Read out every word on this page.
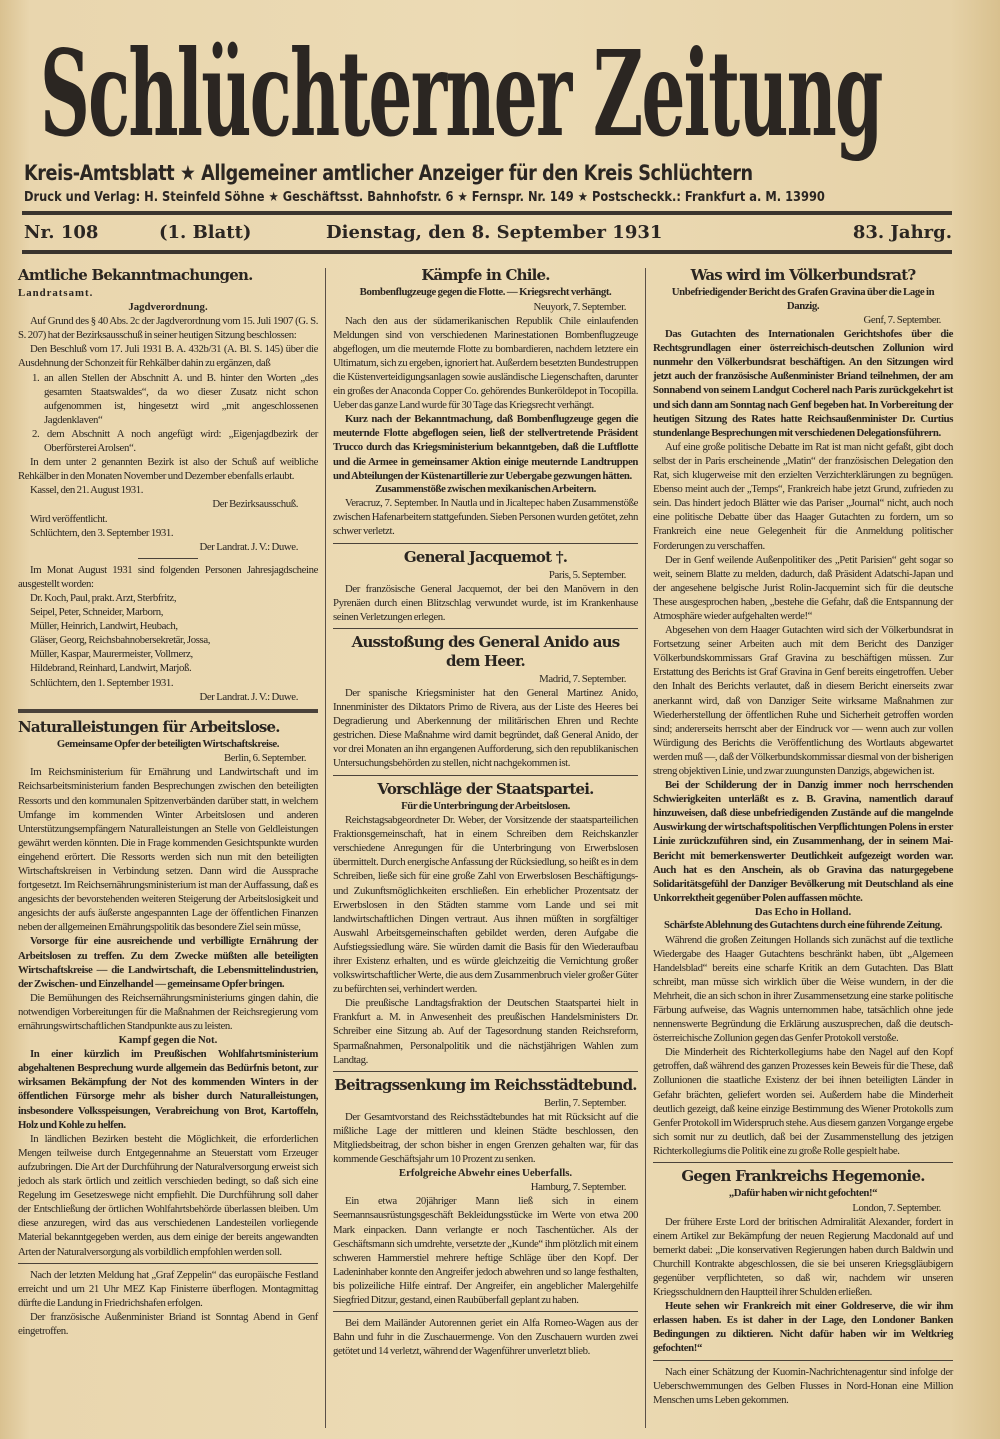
Schlüchterner Zeitung
Kreis-Amtsblatt ★ Allgemeiner amtlicher Anzeiger für den Kreis Schlüchtern
Druck und Verlag: H. Steinfeld Söhne ★ Geschäftsst. Bahnhofstr. 6 ★ Fernspr. Nr. 149 ★ Postscheckk.: Frankfurt a. M. 13990
Nr. 108	(1. Blatt)	Dienstag, den 8. September 1931	83. Jahrg.
Amtliche Bekanntmachungen.
Landratsamt.
Jagdverordnung.
Auf Grund des § 40 Abs. 2c der Jagdverordnung vom 15. Juli 1907 (G. S. S. 207) hat der Bezirksausschuß in seiner heutigen Sitzung beschlossen:
Den Beschluß vom 17. Juli 1931 B. A. 432b/31 (A. Bl. S. 145) über die Ausdehnung der Schonzeit für Rehkälber dahin zu ergänzen, daß
1. an allen Stellen der Abschnitt A. und B. hinter den Worten „des gesamten Staatswaldes“, da wo dieser Zusatz nicht schon aufgenommen ist, hingesetzt wird „mit angeschlossenen Jagdenklaven“
2. dem Abschnitt A noch angefügt wird: „Eigenjagdbezirk der Oberförsterei Arolsen“.
In dem unter 2 genannten Bezirk ist also der Schuß auf weibliche Rehkälber in den Monaten November und Dezember ebenfalls erlaubt.
Kassel, den 21. August 1931.
Der Bezirksausschuß.
Wird veröffentlicht.
Schlüchtern, den 3. September 1931.
Der Landrat. J. V.: Duwe.
Im Monat August 1931 sind folgenden Personen Jahresjagdscheine ausgestellt worden:
Dr. Koch, Paul, prakt. Arzt, Sterbfritz,
Seipel, Peter, Schneider, Marborn,
Müller, Heinrich, Landwirt, Heubach,
Gläser, Georg, Reichsbahnobersekretär, Jossa,
Müller, Kaspar, Maurermeister, Vollmerz,
Hildebrand, Reinhard, Landwirt, Marjoß.
Schlüchtern, den 1. September 1931.
Der Landrat. J. V.: Duwe.
Naturalleistungen für Arbeitslose.
Gemeinsame Opfer der beteiligten Wirtschaftskreise.
Berlin, 6. September.
Im Reichsministerium für Ernährung und Landwirtschaft und im Reichsarbeitsministerium fanden Besprechungen zwischen den beteiligten Ressorts und den kommunalen Spitzenverbänden darüber statt, in welchem Umfange im kommenden Winter Arbeitslosen und anderen Unterstützungsempfängern Naturalleistungen an Stelle von Geldleistungen gewährt werden könnten. Die in Frage kommenden Gesichtspunkte wurden eingehend erörtert. Die Ressorts werden sich nun mit den beteiligten Wirtschaftskreisen in Verbindung setzen. Dann wird die Aussprache fortgesetzt. Im Reichsernährungsministerium ist man der Auffassung, daß es angesichts der bevorstehenden weiteren Steigerung der Arbeitslosigkeit und angesichts der aufs äußerste angespannten Lage der öffentlichen Finanzen neben der allgemeinen Ernährungspolitik das besondere Ziel sein müsse,
Vorsorge für eine ausreichende und verbilligte Ernährung der Arbeitslosen zu treffen. Zu dem Zwecke müßten alle beteiligten Wirtschaftskreise — die Landwirtschaft, die Lebensmittelindustrien, der Zwischen- und Einzelhandel — gemeinsame Opfer bringen.
Die Bemühungen des Reichsernährungsministeriums gingen dahin, die notwendigen Vorbereitungen für die Maßnahmen der Reichsregierung vom ernährungswirtschaftlichen Standpunkte aus zu leisten.
Kampf gegen die Not.
In einer kürzlich im Preußischen Wohlfahrtsministerium abgehaltenen Besprechung wurde allgemein das Bedürfnis betont, zur wirksamen Bekämpfung der Not des kommenden Winters in der öffentlichen Fürsorge mehr als bisher durch Naturalleistungen, insbesondere Volksspeisungen, Verabreichung von Brot, Kartoffeln, Holz und Kohle zu helfen.
In ländlichen Bezirken besteht die Möglichkeit, die erforderlichen Mengen teilweise durch Entgegennahme an Steuerstatt vom Erzeuger aufzubringen. Die Art der Durchführung der Naturalversorgung erweist sich jedoch als stark örtlich und zeitlich verschieden bedingt, so daß sich eine Regelung im Gesetzeswege nicht empfiehlt. Die Durchführung soll daher der Entschließung der örtlichen Wohlfahrtsbehörde überlassen bleiben. Um diese anzuregen, wird das aus verschiedenen Landesteilen vorliegende Material bekanntgegeben werden, aus dem einige der bereits angewandten Arten der Naturalversorgung als vorbildlich empfohlen werden soll.
Nach der letzten Meldung hat „Graf Zeppelin“ das europäische Festland erreicht und um 21 Uhr MEZ Kap Finisterre überflogen. Montagmittag dürfte die Landung in Friedrichshafen erfolgen.
Der französische Außenminister Briand ist Sonntag Abend in Genf eingetroffen.
Kämpfe in Chile.
Bombenflugzeuge gegen die Flotte. — Kriegsrecht verhängt.
Neuyork, 7. September.
Nach den aus der südamerikanischen Republik Chile einlaufenden Meldungen sind von verschiedenen Marinestationen Bombenflugzeuge abgeflogen, um die meuternde Flotte zu bombardieren, nachdem letztere ein Ultimatum, sich zu ergeben, ignoriert hat. Außerdem besetzten Bundestruppen die Küstenverteidigungsanlagen sowie ausländische Liegenschaften, darunter ein großes der Anaconda Copper Co. gehörendes Bunkeröldepot in Tocopilla. Ueber das ganze Land wurde für 30 Tage das Kriegsrecht verhängt.
Kurz nach der Bekanntmachung, daß Bombenflugzeuge gegen die meuternde Flotte abgeflogen seien, ließ der stellvertretende Präsident Trucco durch das Kriegsministerium bekanntgeben, daß die Luftflotte und die Armee in gemeinsamer Aktion einige meuternde Landtruppen und Abteilungen der Küstenartillerie zur Uebergabe gezwungen hätten.
Zusammenstöße zwischen mexikanischen Arbeitern.
Veracruz, 7. September. In Nautla und in Jicaltepec haben Zusammenstöße zwischen Hafenarbeitern stattgefunden. Sieben Personen wurden getötet, zehn schwer verletzt.
General Jacquemot †.
Paris, 5. September.
Der französische General Jacquemot, der bei den Manövern in den Pyrenäen durch einen Blitzschlag verwundet wurde, ist im Krankenhause seinen Verletzungen erlegen.
Ausstoßung des General Anido aus dem Heer.
Madrid, 7. September.
Der spanische Kriegsminister hat den General Martinez Anido, Innenminister des Diktators Primo de Rivera, aus der Liste des Heeres bei Degradierung und Aberkennung der militärischen Ehren und Rechte gestrichen. Diese Maßnahme wird damit begründet, daß General Anido, der vor drei Monaten an ihn ergangenen Aufforderung, sich den republikanischen Untersuchungsbehörden zu stellen, nicht nachgekommen ist.
Vorschläge der Staatspartei.
Für die Unterbringung der Arbeitslosen.
Reichstagsabgeordneter Dr. Weber, der Vorsitzende der staatsparteilichen Fraktionsgemeinschaft, hat in einem Schreiben dem Reichskanzler verschiedene Anregungen für die Unterbringung von Erwerbslosen übermittelt. Durch energische Anfassung der Rücksiedlung, so heißt es in dem Schreiben, ließe sich für eine große Zahl von Erwerbslosen Beschäftigungs- und Zukunftsmöglichkeiten erschließen. Ein erheblicher Prozentsatz der Erwerbslosen in den Städten stamme vom Lande und sei mit landwirtschaftlichen Dingen vertraut. Aus ihnen müßten in sorgfältiger Auswahl Arbeitsgemeinschaften gebildet werden, deren Aufgabe die Aufstiegssiedlung wäre. Sie würden damit die Basis für den Wiederaufbau ihrer Existenz erhalten, und es würde gleichzeitig die Vernichtung großer volkswirtschaftlicher Werte, die aus dem Zusammenbruch vieler großer Güter zu befürchten sei, verhindert werden.
Die preußische Landtagsfraktion der Deutschen Staatspartei hielt in Frankfurt a. M. in Anwesenheit des preußischen Handelsministers Dr. Schreiber eine Sitzung ab. Auf der Tagesordnung standen Reichsreform, Sparmaßnahmen, Personalpolitik und die nächstjährigen Wahlen zum Landtag.
Beitragssenkung im Reichsstädtebund.
Berlin, 7. September.
Der Gesamtvorstand des Reichsstädtebundes hat mit Rücksicht auf die mißliche Lage der mittleren und kleinen Städte beschlossen, den Mitgliedsbeitrag, der schon bisher in engen Grenzen gehalten war, für das kommende Geschäftsjahr um 10 Prozent zu senken.
Erfolgreiche Abwehr eines Ueberfalls.
Hamburg, 7. September.
Ein etwa 20jähriger Mann ließ sich in einem Seemannsausrüstungsgeschäft Bekleidungsstücke im Werte von etwa 200 Mark einpacken. Dann verlangte er noch Taschentücher. Als der Geschäftsmann sich umdrehte, versetzte der „Kunde“ ihm plötzlich mit einem schweren Hammerstiel mehrere heftige Schläge über den Kopf. Der Ladeninhaber konnte den Angreifer jedoch abwehren und so lange festhalten, bis polizeiliche Hilfe eintraf. Der Angreifer, ein angeblicher Malergehilfe Siegfried Ditzur, gestand, einen Raubüberfall geplant zu haben.
Bei dem Mailänder Autorennen geriet ein Alfa Romeo-Wagen aus der Bahn und fuhr in die Zuschauermenge. Von den Zuschauern wurden zwei getötet und 14 verletzt, während der Wagenführer unverletzt blieb.
Was wird im Völkerbundsrat?
Unbefriedigender Bericht des Grafen Gravina über die Lage in Danzig.
Genf, 7. September.
Das Gutachten des Internationalen Gerichtshofes über die Rechtsgrundlagen einer österreichisch-deutschen Zollunion wird nunmehr den Völkerbundsrat beschäftigen. An den Sitzungen wird jetzt auch der französische Außenminister Briand teilnehmen, der am Sonnabend von seinem Landgut Cocherel nach Paris zurückgekehrt ist und sich dann am Sonntag nach Genf begeben hat. In Vorbereitung der heutigen Sitzung des Rates hatte Reichsaußenminister Dr. Curtius stundenlange Besprechungen mit verschiedenen Delegationsführern.
Auf eine große politische Debatte im Rat ist man nicht gefaßt, gibt doch selbst der in Paris erscheinende „Matin“ der französischen Delegation den Rat, sich klugerweise mit den erzielten Verzichterklärungen zu begnügen. Ebenso meint auch der „Temps“, Frankreich habe jetzt Grund, zufrieden zu sein. Das hindert jedoch Blätter wie das Pariser „Journal“ nicht, auch noch eine politische Debatte über das Haager Gutachten zu fordern, um so Frankreich eine neue Gelegenheit für die Anmeldung politischer Forderungen zu verschaffen.
Der in Genf weilende Außenpolitiker des „Petit Parisien“ geht sogar so weit, seinem Blatte zu melden, dadurch, daß Präsident Adatschi-Japan und der angesehene belgische Jurist Rolin-Jacquemint sich für die deutsche These ausgesprochen haben, „bestehe die Gefahr, daß die Entspannung der Atmosphäre wieder aufgehalten werde!“
Abgesehen von dem Haager Gutachten wird sich der Völkerbundsrat in Fortsetzung seiner Arbeiten auch mit dem Bericht des Danziger Völkerbundskommissars Graf Gravina zu beschäftigen müssen. Zur Erstattung des Berichts ist Graf Gravina in Genf bereits eingetroffen. Ueber den Inhalt des Berichts verlautet, daß in diesem Bericht einerseits zwar anerkannt wird, daß von Danziger Seite wirksame Maßnahmen zur Wiederherstellung der öffentlichen Ruhe und Sicherheit getroffen worden sind; andererseits herrscht aber der Eindruck vor — wenn auch zur vollen Würdigung des Berichts die Veröffentlichung des Wortlauts abgewartet werden muß —, daß der Völkerbundskommissar diesmal von der bisherigen streng objektiven Linie, und zwar zuungunsten Danzigs, abgewichen ist.
Bei der Schilderung der in Danzig immer noch herrschenden Schwierigkeiten unterläßt es z. B. Gravina, namentlich darauf hinzuweisen, daß diese unbefriedigenden Zustände auf die mangelnde Auswirkung der wirtschaftspolitischen Verpflichtungen Polens in erster Linie zurückzuführen sind, ein Zusammenhang, der in seinem Mai-Bericht mit bemerkenswerter Deutlichkeit aufgezeigt worden war. Auch hat es den Anschein, als ob Gravina das naturgegebene Solidaritätsgefühl der Danziger Bevölkerung mit Deutschland als eine Unkorrektheit gegenüber Polen auffassen möchte.
Das Echo in Holland.
Schärfste Ablehnung des Gutachtens durch eine führende Zeitung.
Während die großen Zeitungen Hollands sich zunächst auf die textliche Wiedergabe des Haager Gutachtens beschränkt haben, übt „Algemeen Handelsblad“ bereits eine scharfe Kritik an dem Gutachten. Das Blatt schreibt, man müsse sich wirklich über die Weise wundern, in der die Mehrheit, die an sich schon in ihrer Zusammensetzung eine starke politische Färbung aufweise, das Wagnis unternommen habe, tatsächlich ohne jede nennenswerte Begründung die Erklärung auszusprechen, daß die deutsch-österreichische Zollunion gegen das Genfer Protokoll verstoße.
Die Minderheit des Richterkollegiums habe den Nagel auf den Kopf getroffen, daß während des ganzen Prozesses kein Beweis für die These, daß Zollunionen die staatliche Existenz der bei ihnen beteiligten Länder in Gefahr brächten, geliefert worden sei. Außerdem habe die Minderheit deutlich gezeigt, daß keine einzige Bestimmung des Wiener Protokolls zum Genfer Protokoll im Widerspruch stehe. Aus diesem ganzen Vorgange ergebe sich somit nur zu deutlich, daß bei der Zusammenstellung des jetzigen Richterkollegiums die Politik eine zu große Rolle gespielt habe.
Gegen Frankreichs Hegemonie.
„Dafür haben wir nicht gefochten!“
London, 7. September.
Der frühere Erste Lord der britischen Admiralität Alexander, fordert in einem Artikel zur Bekämpfung der neuen Regierung Macdonald auf und bemerkt dabei: „Die konservativen Regierungen haben durch Baldwin und Churchill Kontrakte abgeschlossen, die sie bei unseren Kriegsgläubigern gegenüber verpflichteten, so daß wir, nachdem wir unseren Kriegsschuldnern den Hauptteil ihrer Schulden erließen.
Heute sehen wir Frankreich mit einer Goldreserve, die wir ihm erlassen haben. Es ist daher in der Lage, den Londoner Banken Bedingungen zu diktieren. Nicht dafür haben wir im Weltkrieg gefochten!“
Nach einer Schätzung der Kuomin-Nachrichtenagentur sind infolge der Ueberschwemmungen des Gelben Flusses in Nord-Honan eine Million Menschen ums Leben gekommen.
